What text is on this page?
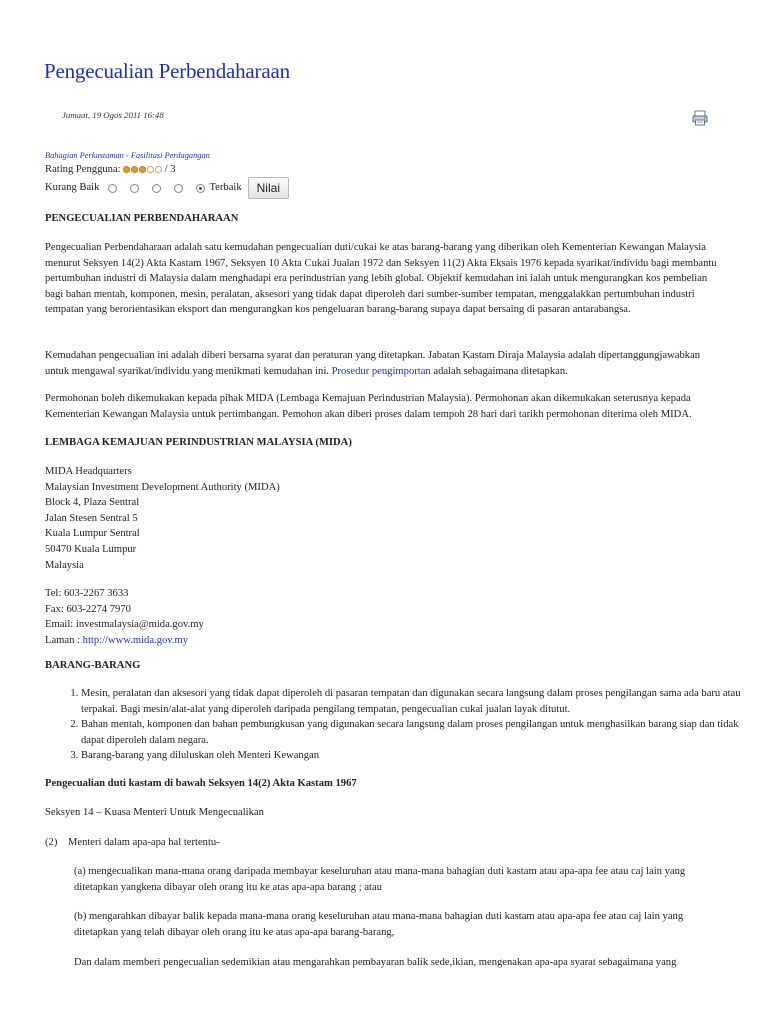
Pengecualian Perbendaharaan
Jumaat, 19 Ogos 2011 16:48
Bahagian Perkastaman - Fasilitasi Perdagangan
Rating Pengguna:	/ 3
Kurang Baik	Terbaik	Nilai
PENGECUALIAN PERBENDAHARAAN

Pengecualian Perbendaharaan adalah satu kemudahan pengecualian duti/cukai ke atas barang-barang yang diberikan oleh Kementerian Kewangan Malaysia menurut Seksyen 14(2) Akta Kastam 1967, Seksyen 10 Akta Cukai Jualan 1972 dan Seksyen 11(2) Akta Eksais 1976 kepada syarikat/individu bagi membantu pertumbuhan industri di Malaysia dalam menghadapi era perindustrian yang lebih global. Objektif kemudahan ini ialah untuk mengurangkan kos pembelian bagi bahan mentah, komponen, mesin, peralatan, aksesori yang tidak dapat diperoleh dari sumber-sumber tempatan, menggalakkan pertumbuhan industri tempatan yang berorientasikan eksport dan mengurangkan kos pengeluaran barang-barang supaya dapat bersaing di pasaran antarabangsa.

Kemudahan pengecualian ini adalah diberi bersama syarat dan peraturan yang ditetapkan. Jabatan Kastam Diraja Malaysia adalah dipertanggungjawabkan untuk mengawal syarikat/individu yang menikmati kemudahan ini. Prosedur pengimportan adalah sebagaimana ditetapkan.

Permohonan boleh dikemukakan kepada pihak MIDA (Lembaga Kemajuan Perindustrian Malaysia). Permohonan akan dikemukakan seterusnya kepada Kementerian Kewangan Malaysia untuk pertimbangan. Pemohon akan diberi proses dalam tempoh 28 hari dari tarikh permohonan diterima oleh MIDA.

LEMBAGA KEMAJUAN PERINDUSTRIAN MALAYSIA (MIDA)
MIDA Headquarters
Malaysian Investment Development Authority (MIDA)
Block 4, Plaza Sentral
Jalan Stesen Sentral 5
Kuala Lumpur Sentral
50470 Kuala Lumpur
Malaysia
Tel: 603-2267 3633
Fax: 603-2274 7970
Email: investmalaysia@mida.gov.my
Laman : http://www.mida.gov.my
BARANG-BARANG
1. Mesin, peralatan dan aksesori yang tidak dapat diperoleh di pasaran tempatan dan digunakan secara langsung dalam proses pengilangan sama ada baru atau terpakai. Bagi mesin/alat-alat yang diperoleh daripada pengilang tempatan, pengecualian cukai jualan layak ditutut.
2. Bahan mentah, komponen dan bahan pembungkusan yang digunakan secara langsung dalam proses pengilangan untuk menghasilkan barang siap dan tidak dapat diperoleh dalam negara.
3. Barang-barang yang diluluskan oleh Menteri Kewangan
Pengecualian duti kastam di bawah Seksyen 14(2) Akta Kastam 1967

Seksyen 14 – Kuasa Menteri Untuk Mengecualikan

(2)    Menteri dalam apa-apa hal tertentu-

(a) mengecualikan mana-mana orang daripada membayar keseluruhan atau mana-mana bahagian duti kastam atau apa-apa fee atau caj lain yang ditetapkan yangkena dibayar oleh orang itu ke atas apa-apa barang ; atau

(b) mengarahkan dibayar balik kepada mana-mana orang keseluruhan atau mana-mana bahagian duti kastam atau apa-apa fee atau caj lain yang ditetapkan yang telah dibayar oleh orang itu ke atas apa-apa barang-barang,

Dan dalam memberi pengecualian sedemikian atau mengarahkan pembayaran balik sede,ikian, mengenakan apa-apa syarat sebagaimana yang
